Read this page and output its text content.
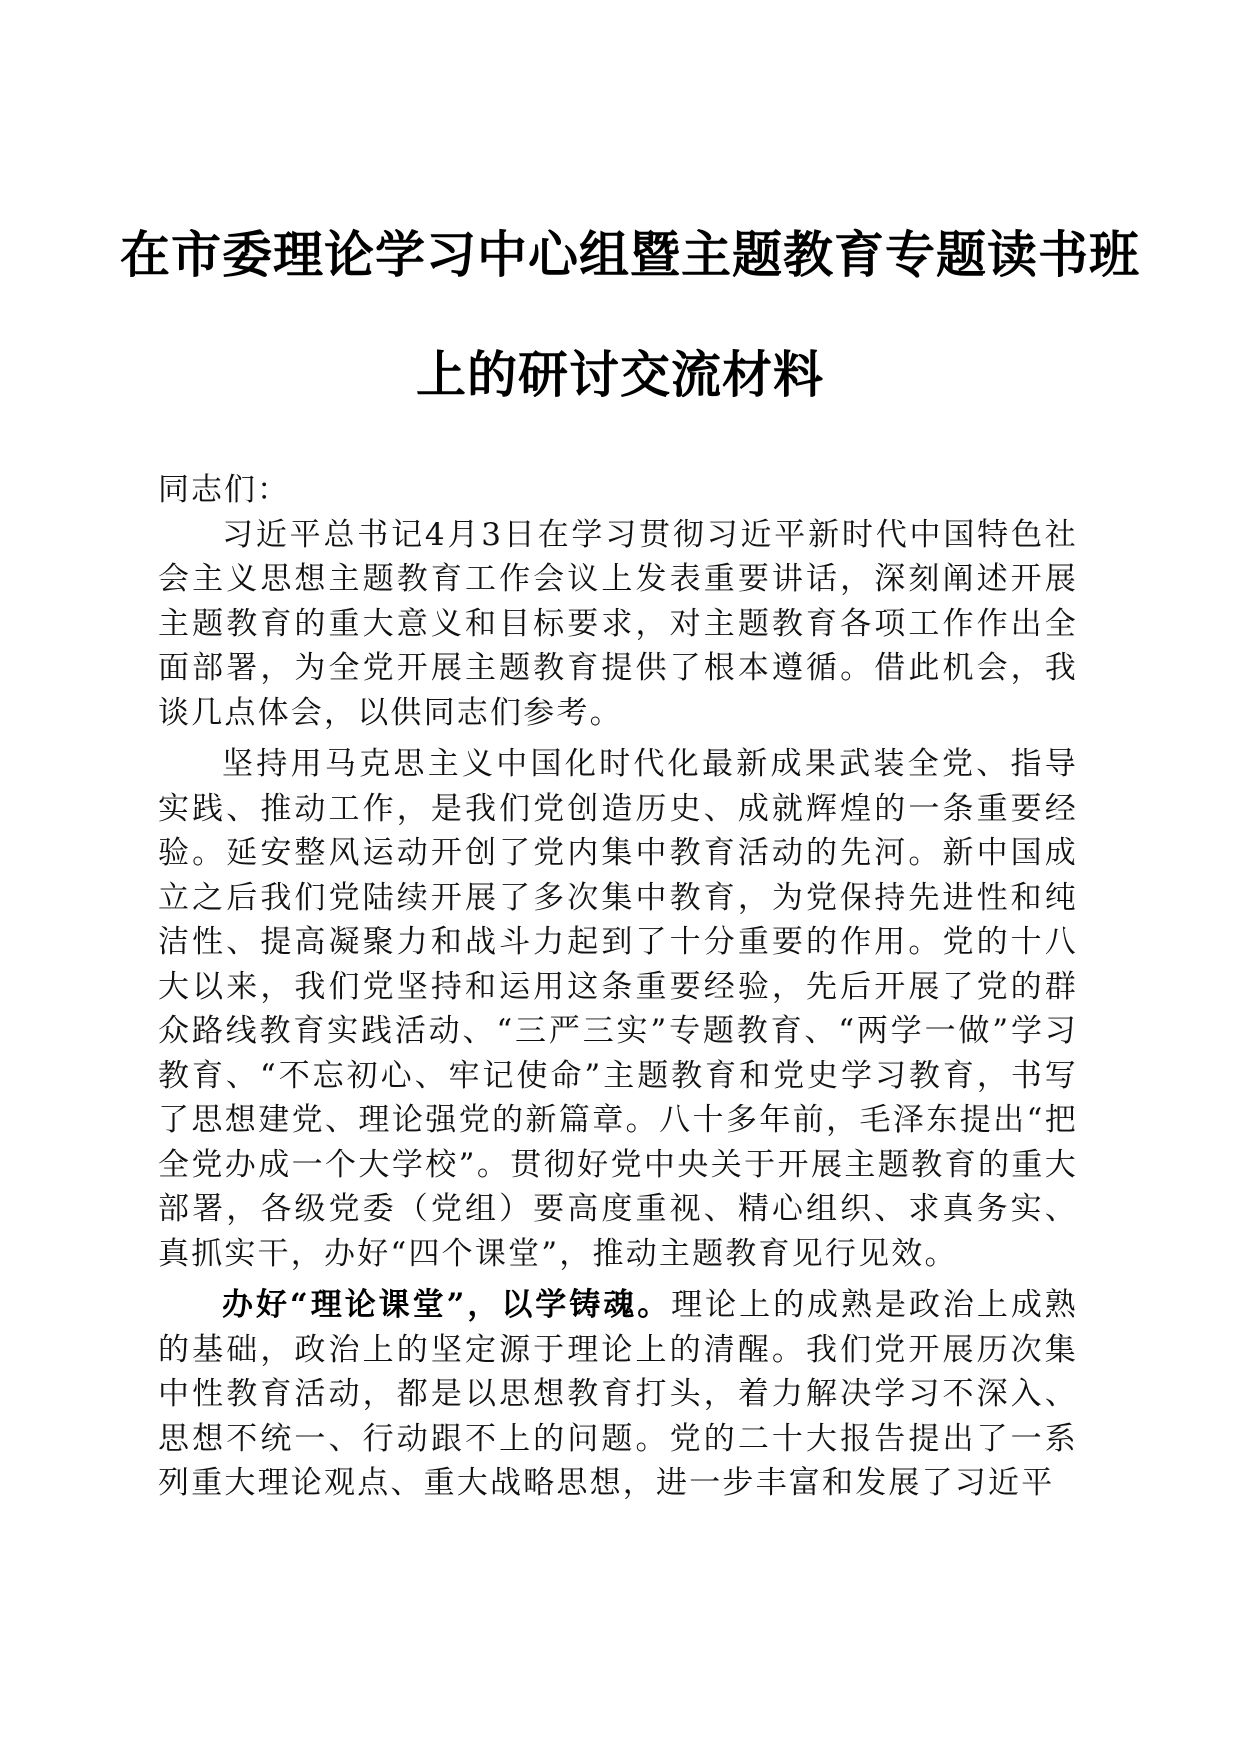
在市委理论学习中心组暨主题教育专题读书班
上的研讨交流材料

同志们：

习近平总书记4月3日在学习贯彻习近平新时代中国特色社会主义思想主题教育工作会议上发表重要讲话，深刻阐述开展主题教育的重大意义和目标要求，对主题教育各项工作作出全面部署，为全党开展主题教育提供了根本遵循。借此机会，我谈几点体会，以供同志们参考。

坚持用马克思主义中国化时代化最新成果武装全党、指导实践、推动工作，是我们党创造历史、成就辉煌的一条重要经验。延安整风运动开创了党内集中教育活动的先河。新中国成立之后我们党陆续开展了多次集中教育，为党保持先进性和纯洁性、提高凝聚力和战斗力起到了十分重要的作用。党的十八大以来，我们党坚持和运用这条重要经验，先后开展了党的群众路线教育实践活动、“三严三实”专题教育、“两学一做”学习教育、“不忘初心、牢记使命”主题教育和党史学习教育，书写了思想建党、理论强党的新篇章。八十多年前，毛泽东提出“把全党办成一个大学校”。贯彻好党中央关于开展主题教育的重大部署，各级党委（党组）要高度重视、精心组织、求真务实、真抓实干，办好“四个课堂”，推动主题教育见行见效。

办好“理论课堂”，以学铸魂。理论上的成熟是政治上成熟的基础，政治上的坚定源于理论上的清醒。我们党开展历次集中性教育活动，都是以思想教育打头，着力解决学习不深入、思想不统一、行动跟不上的问题。党的二十大报告提出了一系列重大理论观点、重大战略思想，进一步丰富和发展了习近平
